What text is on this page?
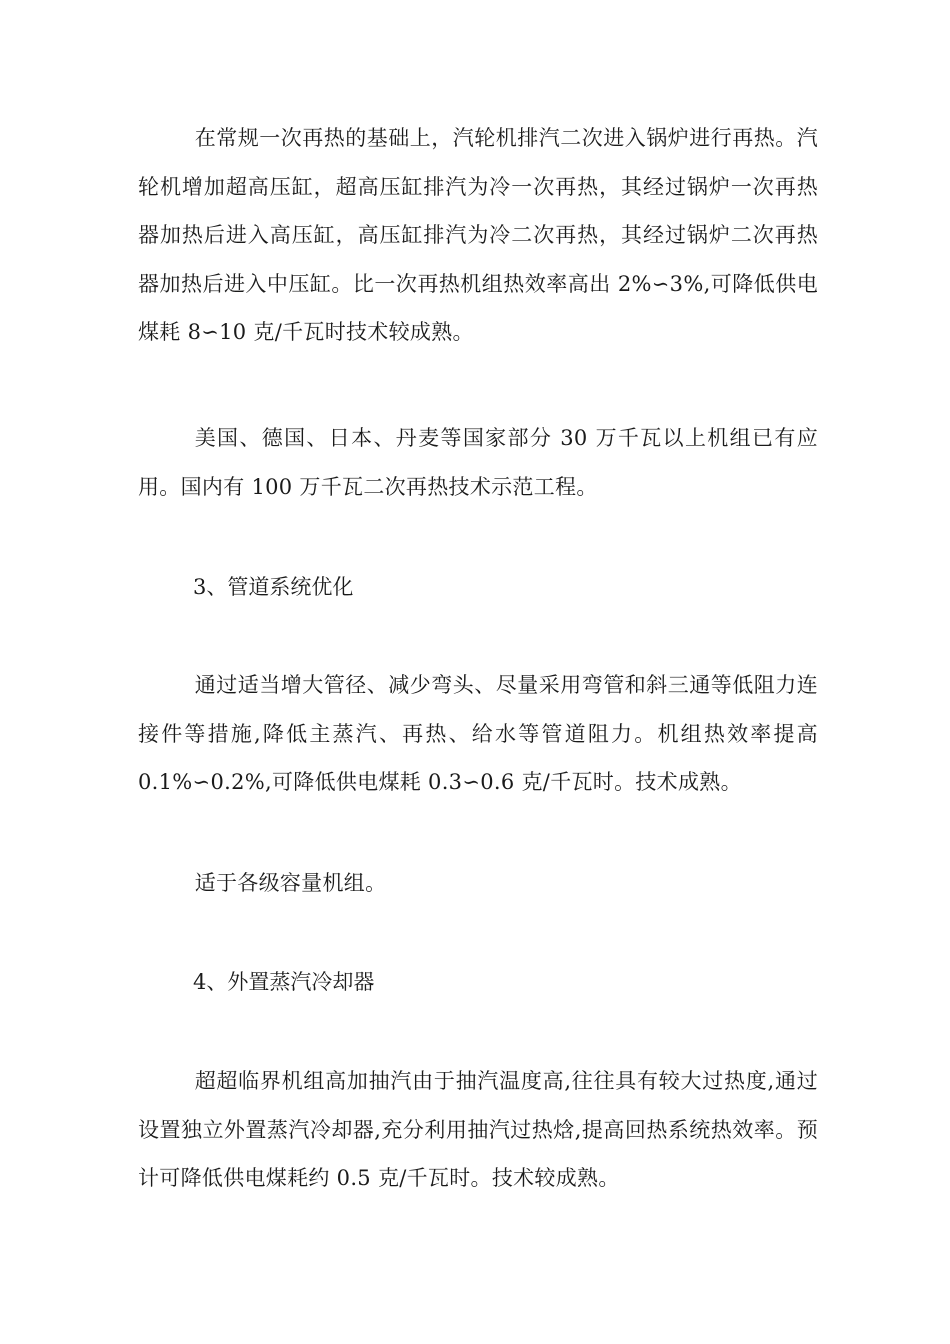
在常规一次再热的基础上，汽轮机排汽二次进入锅炉进行再热。汽轮机增加超高压缸，超高压缸排汽为冷一次再热，其经过锅炉一次再热器加热后进入高压缸，高压缸排汽为冷二次再热，其经过锅炉二次再热器加热后进入中压缸。比一次再热机组热效率高出 2%∽3%,可降低供电煤耗 8∽10 克/千瓦时技术较成熟。

美国、德国、日本、丹麦等国家部分 30 万千瓦以上机组已有应用。国内有 100 万千瓦二次再热技术示范工程。

3、管道系统优化

通过适当增大管径、减少弯头、尽量采用弯管和斜三通等低阻力连接件等措施,降低主蒸汽、再热、给水等管道阻力。机组热效率提高 0.1%∽0.2%,可降低供电煤耗 0.3∽0.6 克/千瓦时。技术成熟。

适于各级容量机组。

4、外置蒸汽冷却器

超超临界机组高加抽汽由于抽汽温度高,往往具有较大过热度,通过设置独立外置蒸汽冷却器,充分利用抽汽过热焓,提高回热系统热效率。预计可降低供电煤耗约 0.5 克/千瓦时。技术较成熟。
